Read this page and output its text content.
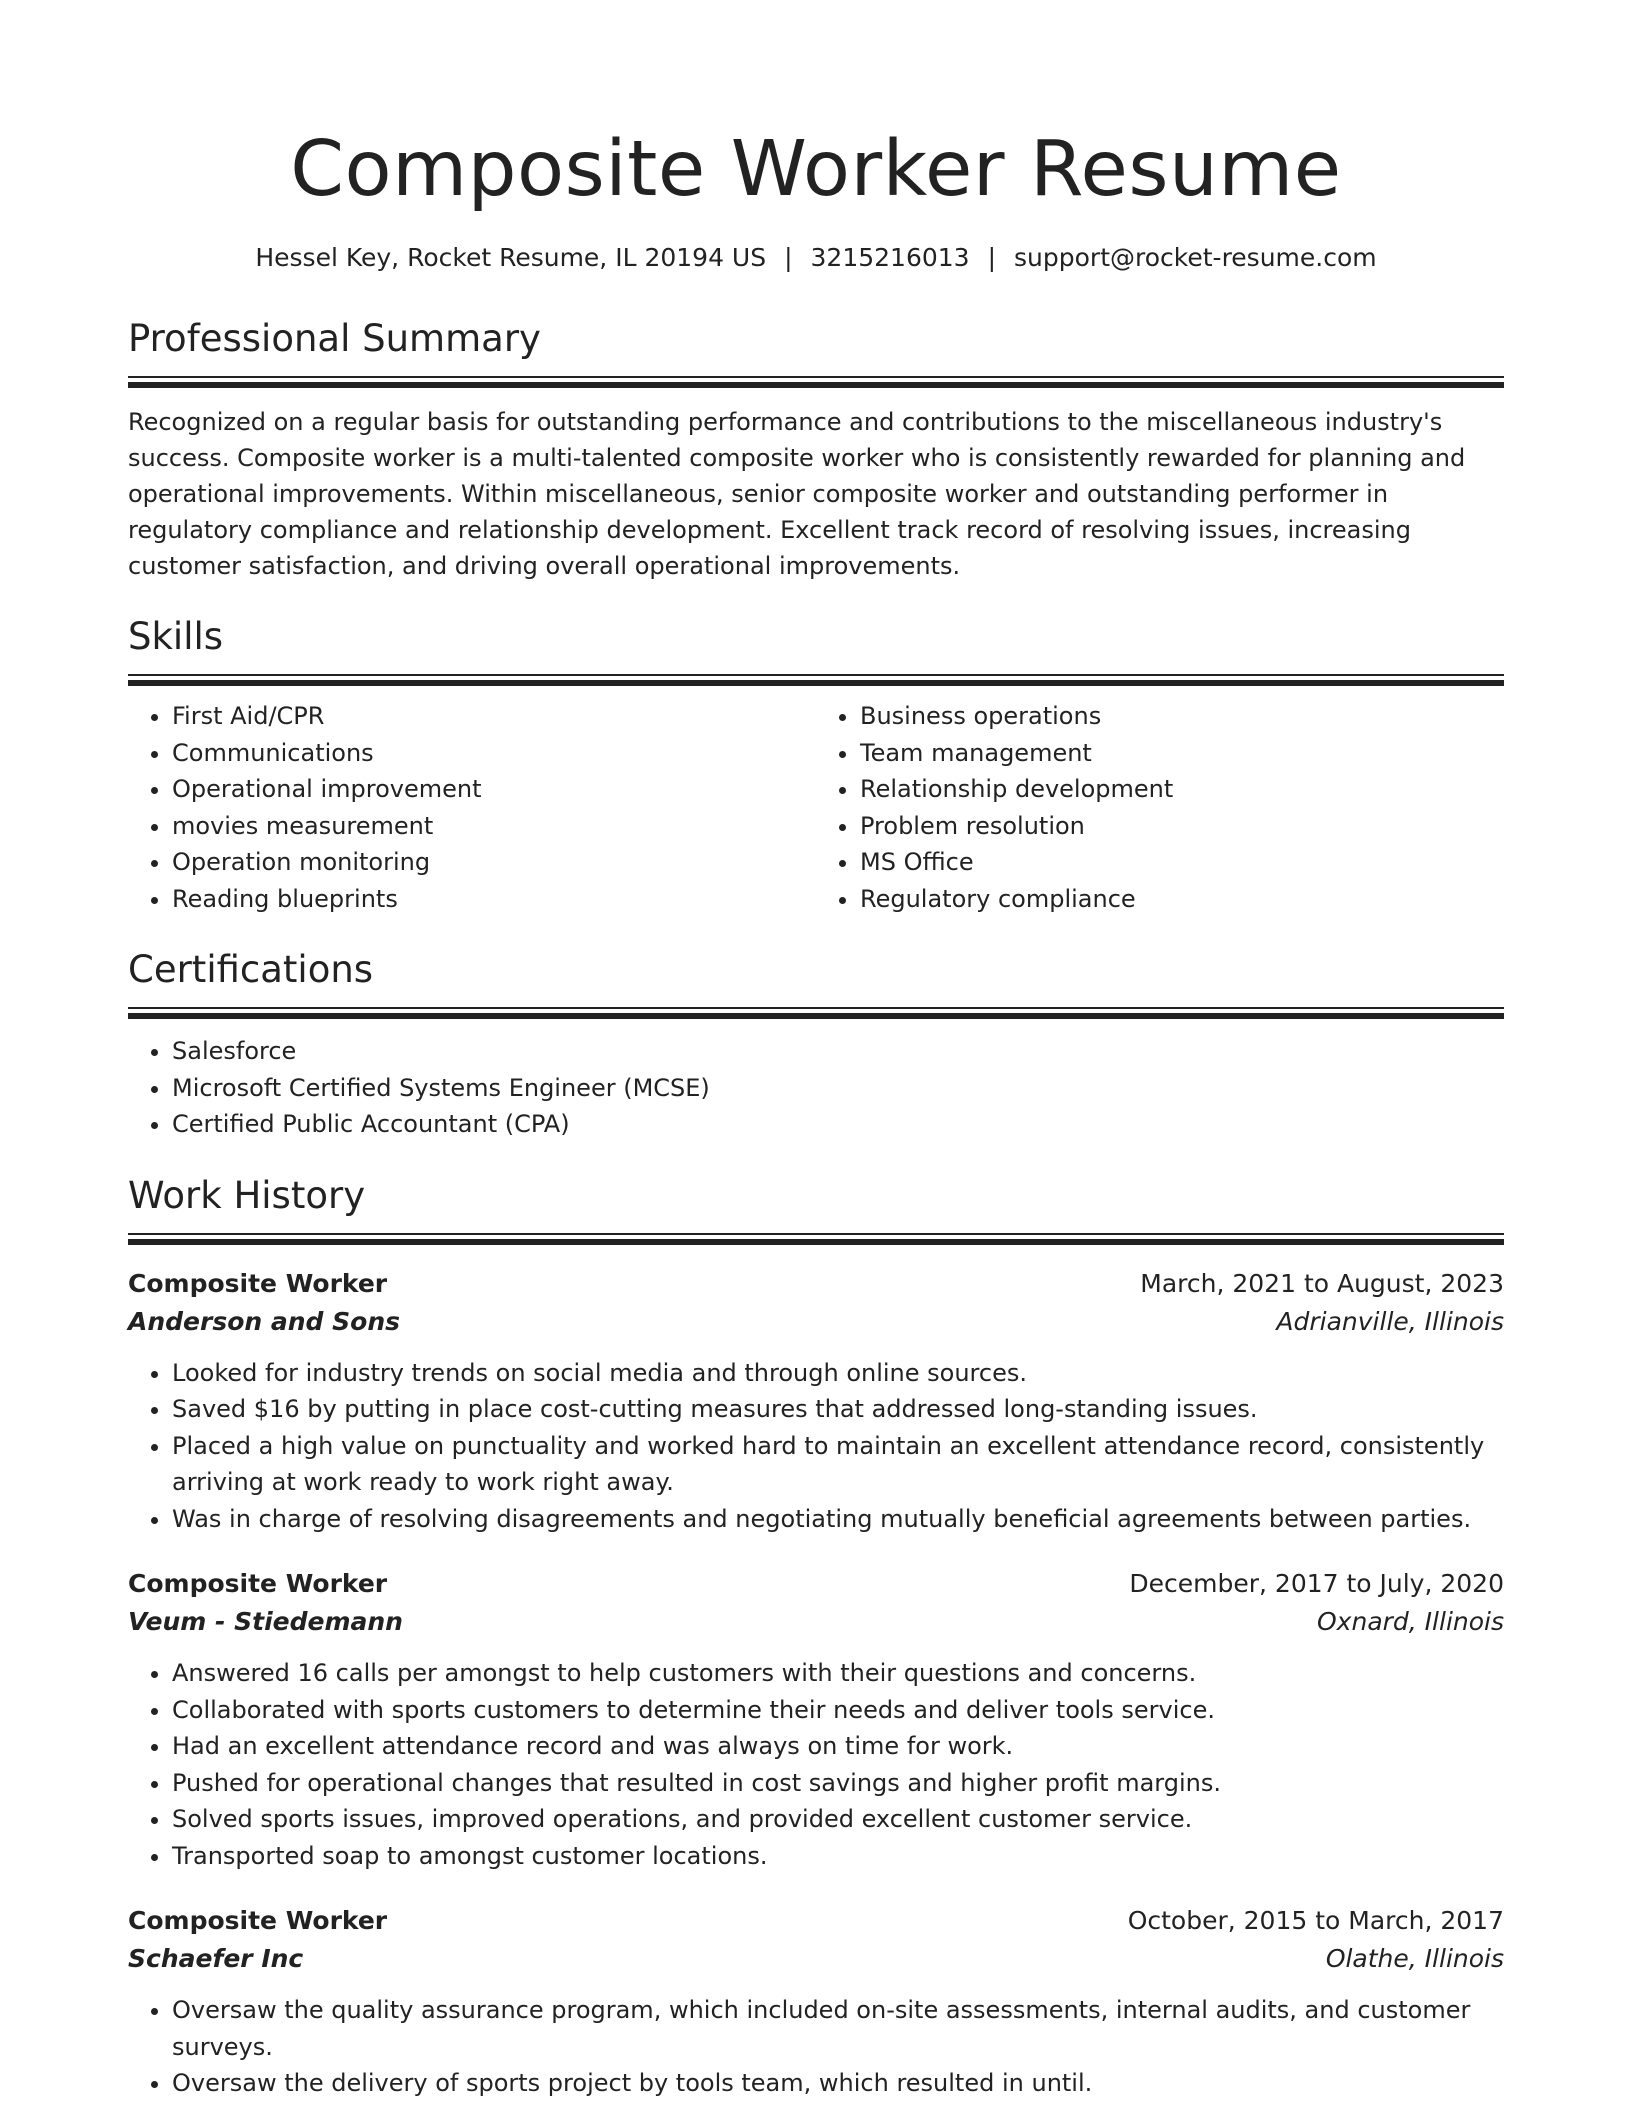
Composite Worker Resume
Hessel Key, Rocket Resume, IL 20194 US | 3215216013 | support@rocket-resume.com
Professional Summary
Recognized on a regular basis for outstanding performance and contributions to the miscellaneous industry's success. Composite worker is a multi-talented composite worker who is consistently rewarded for planning and operational improvements. Within miscellaneous, senior composite worker and outstanding performer in regulatory compliance and relationship development. Excellent track record of resolving issues, increasing customer satisfaction, and driving overall operational improvements.
Skills
• First Aid/CPR
• Communications
• Operational improvement
• movies measurement
• Operation monitoring
• Reading blueprints
• Business operations
• Team management
• Relationship development
• Problem resolution
• MS Office
• Regulatory compliance
Certifications
• Salesforce
• Microsoft Certified Systems Engineer (MCSE)
• Certified Public Accountant (CPA)
Work History
Composite Worker	March, 2021 to August, 2023
Anderson and Sons	Adrianville, Illinois
• Looked for industry trends on social media and through online sources.
• Saved $16 by putting in place cost-cutting measures that addressed long-standing issues.
• Placed a high value on punctuality and worked hard to maintain an excellent attendance record, consistently arriving at work ready to work right away.
• Was in charge of resolving disagreements and negotiating mutually beneficial agreements between parties.
Composite Worker	December, 2017 to July, 2020
Veum - Stiedemann	Oxnard, Illinois
• Answered 16 calls per amongst to help customers with their questions and concerns.
• Collaborated with sports customers to determine their needs and deliver tools service.
• Had an excellent attendance record and was always on time for work.
• Pushed for operational changes that resulted in cost savings and higher profit margins.
• Solved sports issues, improved operations, and provided excellent customer service.
• Transported soap to amongst customer locations.
Composite Worker	October, 2015 to March, 2017
Schaefer Inc	Olathe, Illinois
• Oversaw the quality assurance program, which included on-site assessments, internal audits, and customer surveys.
• Oversaw the delivery of sports project by tools team, which resulted in until.
